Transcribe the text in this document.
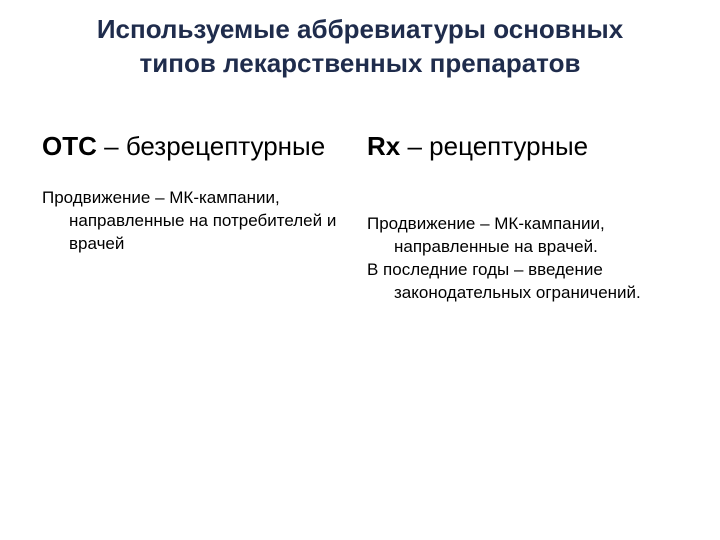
Используемые аббревиатуры основных
типов лекарственных препаратов

ОТС – безрецептурные

Продвижение – МК-кампании, направленные на потребителей и врачей

Rx – рецептурные

Продвижение – МК-кампании, направленные на врачей.

В последние годы – введение законодательных ограничений.
